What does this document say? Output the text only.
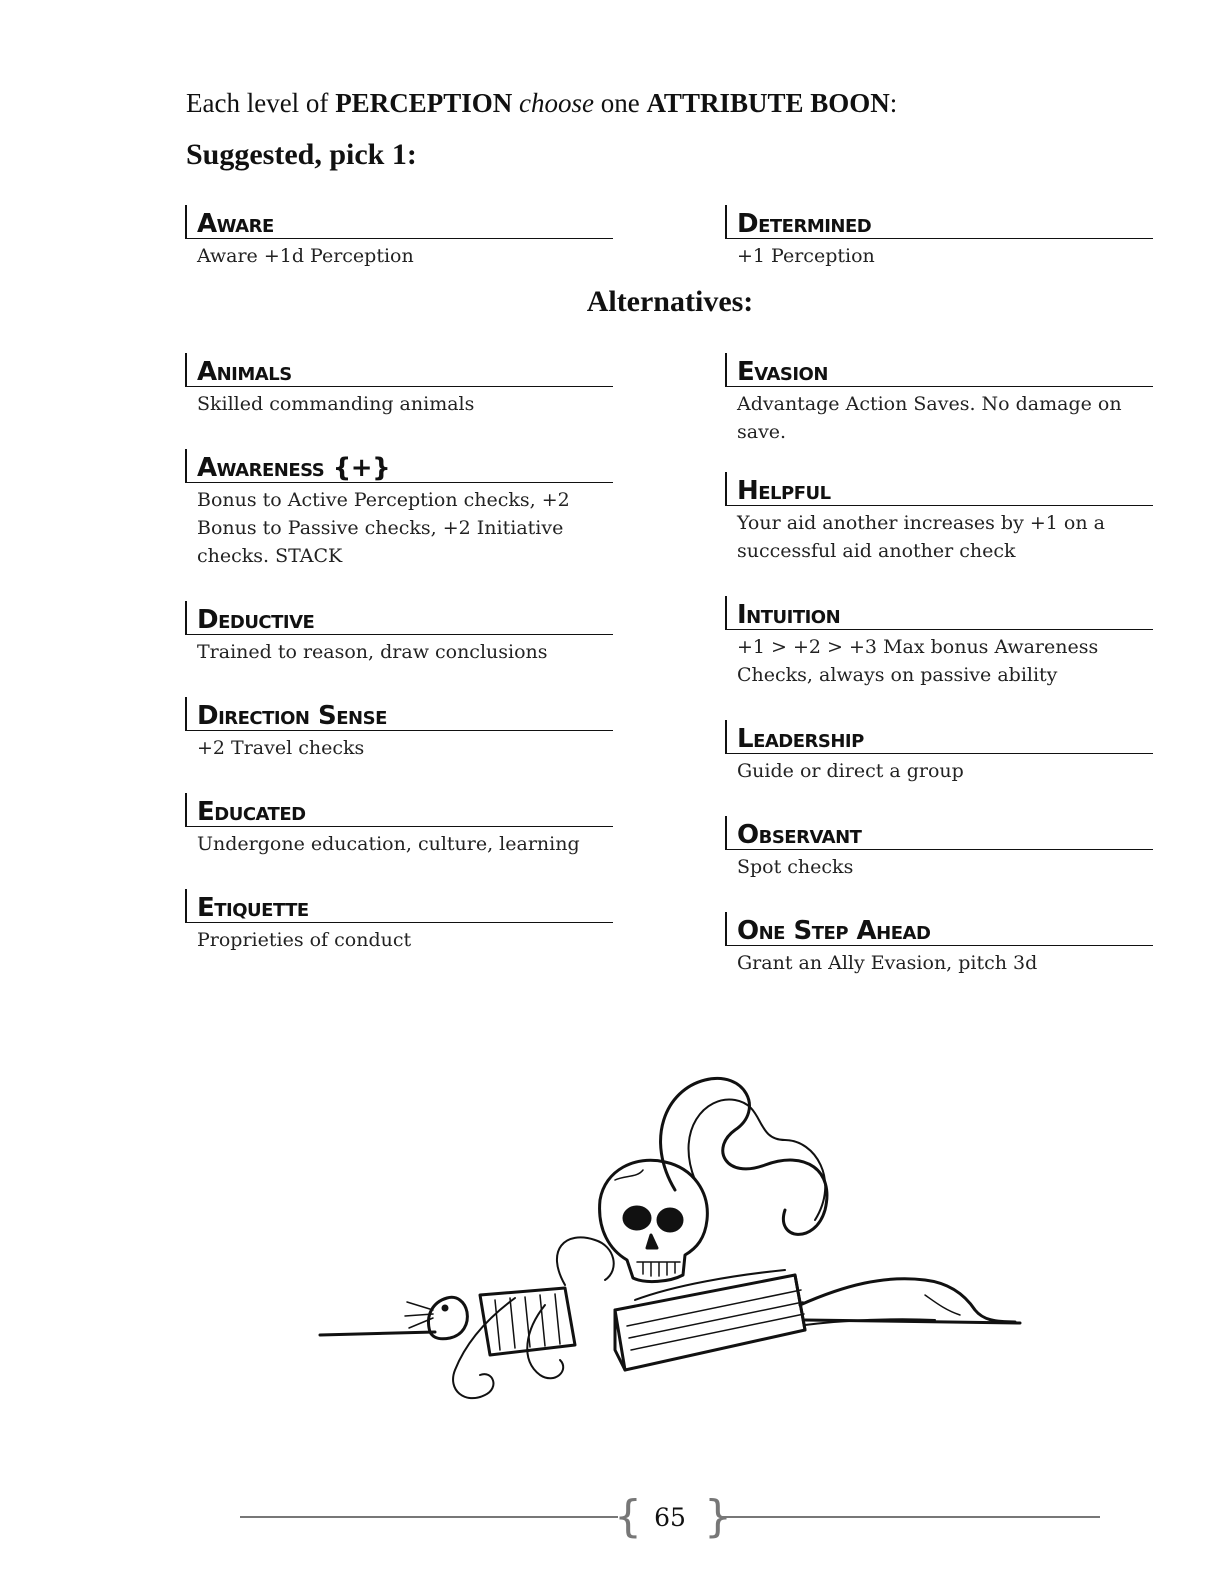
Each level of PERCEPTION choose one ATTRIBUTE BOON:
Suggested, pick 1:
Aware
Aware +1d Perception
Determined
+1 Perception
Alternatives:
Animals
Skilled commanding animals
Awareness {+}
Bonus to Active Perception checks, +2 Bonus to Passive checks, +2 Initiative checks. STACK
Deductive
Trained to reason, draw conclusions
Direction Sense
+2 Travel checks
Educated
Undergone education, culture, learning
Etiquette
Proprieties of conduct
Evasion
Advantage Action Saves. No damage on save.
Helpful
Your aid another increases by +1 on a successful aid another check
Intuition
+1 > +2 > +3 Max bonus Awareness Checks, always on passive ability
Leadership
Guide or direct a group
Observant
Spot checks
One Step Ahead
Grant an Ally Evasion, pitch 3d
{ }
65
